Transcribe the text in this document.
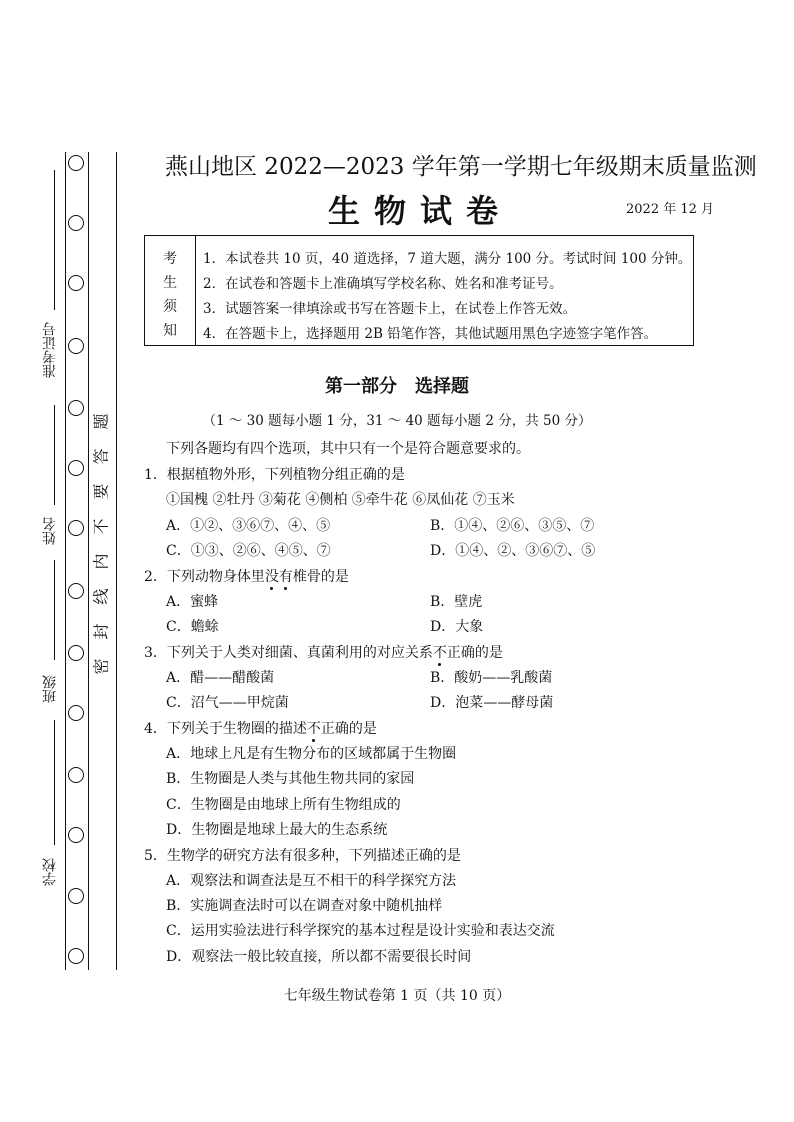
准考证号
姓名
班级
学校
密
封
线
内
不
要
答
题
燕山地区 2022—2023 学年第一学期七年级期末质量监测
生物试卷	2022 年 12 月
考
生
须
知
1．本试卷共 10 页，40 道选择，7 道大题，满分 100 分。考试时间 100 分钟。
2．在试卷和答题卡上准确填写学校名称、姓名和准考证号。
3．试题答案一律填涂或书写在答题卡上，在试卷上作答无效。
4．在答题卡上，选择题用 2B 铅笔作答，其他试题用黑色字迹签字笔作答。
第一部分 选择题
（1 ～ 30 题每小题 1 分，31 ～ 40 题每小题 2 分，共 50 分）
下列各题均有四个选项，其中只有一个是符合题意要求的。
1．根据植物外形，下列植物分组正确的是
①国槐 ②牡丹 ③菊花 ④侧柏 ⑤牵牛花 ⑥凤仙花 ⑦玉米
A．①②、③⑥⑦、④、⑤	B．①④、②⑥、③⑤、⑦
C．①③、②⑥、④⑤、⑦	D．①④、②、③⑥⑦、⑤
2．下列动物身体里没有椎骨的是
A．蜜蜂	B．壁虎
C．蟾蜍	D．大象
3．下列关于人类对细菌、真菌利用的对应关系不正确的是
A．醋——醋酸菌	B．酸奶——乳酸菌
C．沼气——甲烷菌	D．泡菜——酵母菌
4．下列关于生物圈的描述不正确的是
A．地球上凡是有生物分布的区域都属于生物圈
B．生物圈是人类与其他生物共同的家园
C．生物圈是由地球上所有生物组成的
D．生物圈是地球上最大的生态系统
5．生物学的研究方法有很多种，下列描述正确的是
A．观察法和调查法是互不相干的科学探究方法
B．实施调查法时可以在调查对象中随机抽样
C．运用实验法进行科学探究的基本过程是设计实验和表达交流
D．观察法一般比较直接，所以都不需要很长时间
七年级生物试卷第 1 页（共 10 页）
